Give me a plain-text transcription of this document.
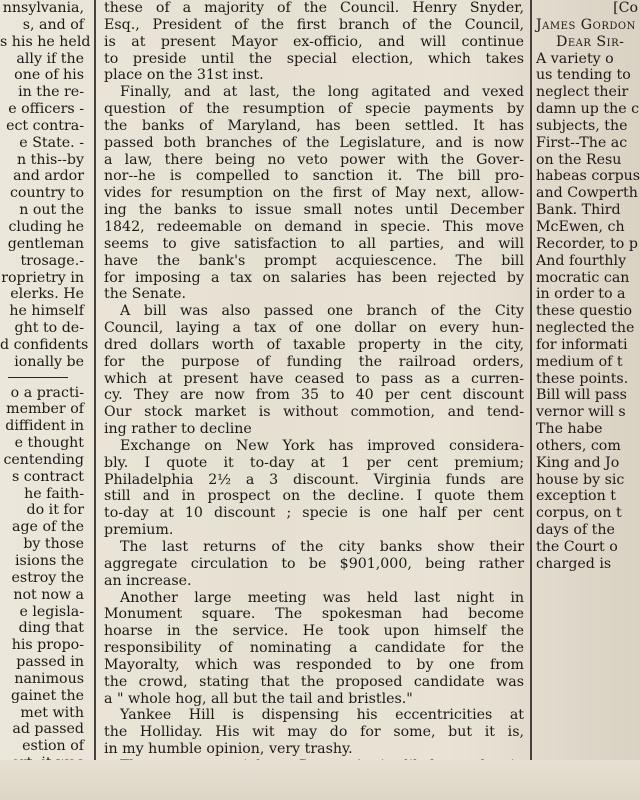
nnsylvania,
s, and of
s his he held
ally if the
one of his
in the re-
e officers -
ect contra-
e State. -
n this--by
and ardor
country to
n out the
cluding he
gentleman
trosage.-
roprietry in
elerks. He
he himself
ght to de-
d confidents
ionally be
o a practi-
member of
diffident in
e thought
centending
s contract
he faith-
do it for
age of the
by those
isions the
estroy the
not now a
e legisla-
ding that
his propo-
passed in
nanimous
gainet the
met with
ad passed
estion of
these of a majority of the Council. Henry Snyder,
Esq., President of the first branch of the Council,
is at present Mayor ex-officio, and will continue
to preside until the special election, which takes
place on the 31st inst.
Finally, and at last, the long agitated and vexed
question of the resumption of specie payments by
the banks of Maryland, has been settled. It has
passed both branches of the Legislature, and is now
a law, there being no veto power with the Gover-
nor--he is compelled to sanction it. The bill pro-
vides for resumption on the first of May next, allow-
ing the banks to issue small notes until December
1842, redeemable on demand in specie. This move
seems to give satisfaction to all parties, and will
have the bank's prompt acquiescence. The bill
for imposing a tax on salaries has been rejected by
the Senate.
A bill was also passed one branch of the City
Council, laying a tax of one dollar on every hun-
dred dollars worth of taxable property in the city,
for the purpose of funding the railroad orders,
which at present have ceased to pass as a curren-
cy. They are now from 35 to 40 per cent discount
Our stock market is without commotion, and tend-
ing rather to decline
Exchange on New York has improved considera-
bly. I quote it to-day at 1 per cent premium;
Philadelphia 2½ a 3 discount. Virginia funds are
still and in prospect on the decline. I quote them
to-day at 10 discount ; specie is one half per cent
premium.
The last returns of the city banks show their
aggregate circulation to be $901,000, being rather
an increase.
Another large meeting was held last night in
Monument square. The spokesman had become
hoarse in the service. He took upon himself the
responsibility of nominating a candidate for the
Mayoralty, which was responded to by one from
the crowd, stating that the proposed candidate was
a " whole hog, all but the tail and bristles."
Yankee Hill is dispensing his eccentricities at
the Holliday. His wit may do for some, but it is,
in my humble opinion, very trashy.
[Co
James Gordon
Dear Sir-
A variety o
us tending to
neglect their
damn up the c
subjects, the
First--The ac
on the Resu
habeas corpus
and Cowperth
Bank. Third
McEwen, ch
Recorder, to p
And fourthly
mocratic can
in order to a
these questio
neglected the
for informati
medium of t
these points.
Bill will pass
vernor will s
The habe
others, com
King and Jo
house by sic
exception t
corpus, on t
days of the
the Court o
charged is
